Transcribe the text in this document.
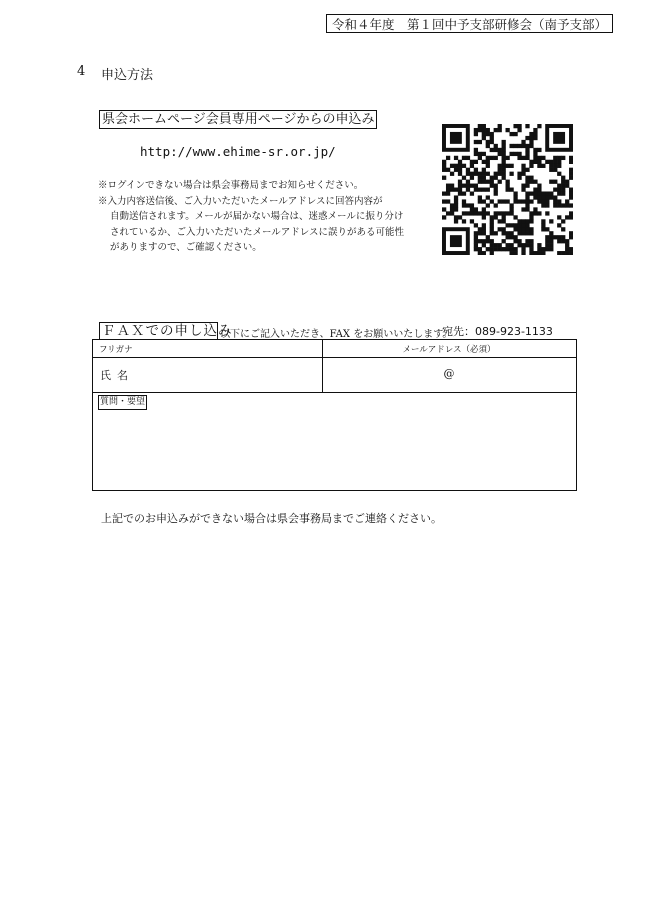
令和４年度　第１回中予支部研修会（南予支部）
4 申込方法
県会ホームページ会員専用ページからの申込み
http://www.ehime-sr.or.jp/
※ログインできない場合は県会事務局までお知らせください。
※入力内容送信後、ご入力いただいたメールアドレスに回答内容が
自動送信されます。メールが届かない場合は、迷惑メールに振り分け
されているか、ご入力いただいたメールアドレスに誤りがある可能性
がありますので、ご確認ください。
ＦＡＸでの申し込み
以下にご記入いただき、FAX をお願いいたします。
宛先：089-923-1133
フリガナ	メールアドレス（必須）
氏名	@
質問・要望
上記でのお申込みができない場合は県会事務局までご連絡ください。
